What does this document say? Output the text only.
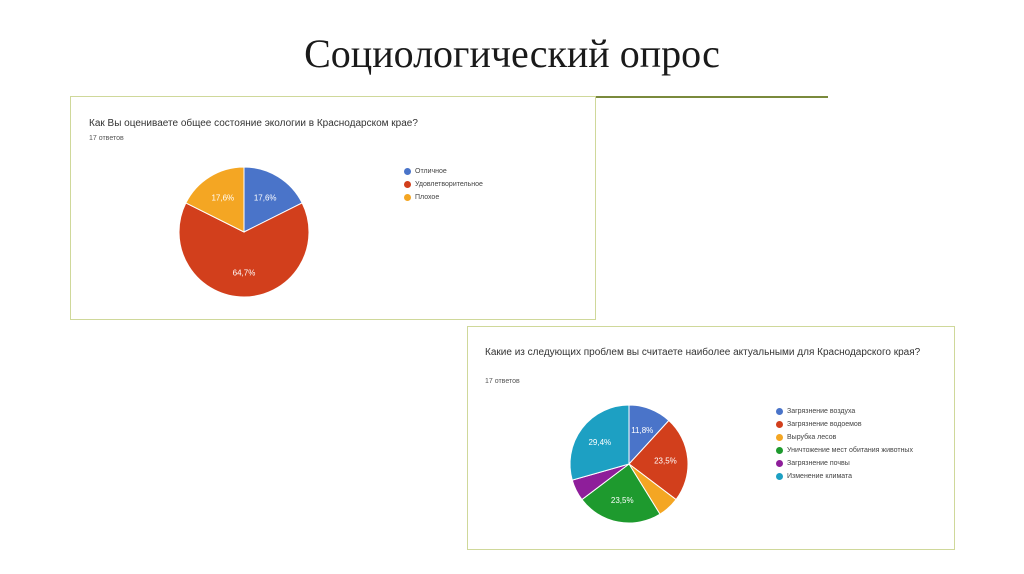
Социологический опрос
Как Вы оцениваете общее состояние экологии в Краснодарском крае?
17 ответов
17,6%
64,7%
17,6%
Отличное
Удовлетворительное
Плохое
Какие из следующих проблем вы считаете наиболее актуальными для Краснодарского края?
17 ответов
11,8%
23,5%
23,5%
29,4%
Загрязнение воздуха
Загрязнение водоемов
Вырубка лесов
Уничтожение мест обитания животных
Загрязнение почвы
Изменение климата
